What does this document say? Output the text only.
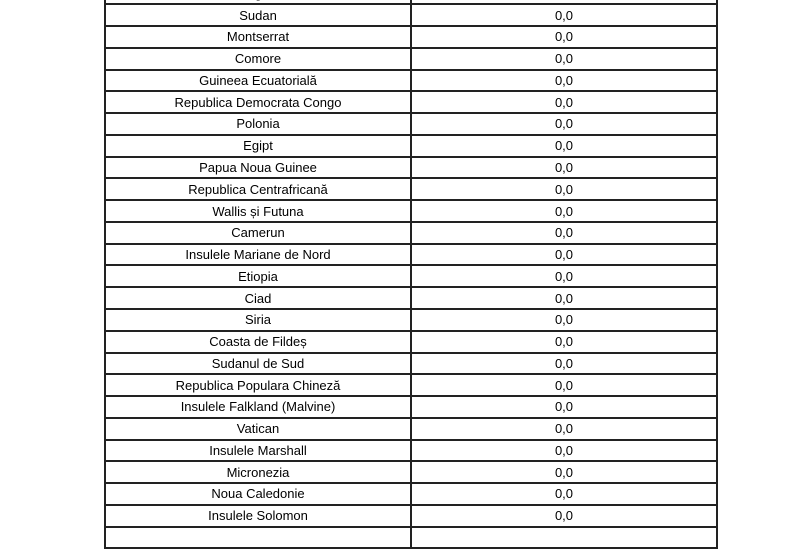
Sudan	0,0
Montserrat	0,0
Comore	0,0
Guineea Ecuatorială	0,0
Republica Democrata Congo	0,0
Polonia	0,0
Egipt	0,0
Papua Noua Guinee	0,0
Republica Centrafricană	0,0
Wallis și Futuna	0,0
Camerun	0,0
Insulele Mariane de Nord	0,0
Etiopia	0,0
Ciad	0,0
Siria	0,0
Coasta de Fildeș	0,0
Sudanul de Sud	0,0
Republica Populara Chineză	0,0
Insulele Falkland (Malvine)	0,0
Vatican	0,0
Insulele Marshall	0,0
Micronezia	0,0
Noua Caledonie	0,0
Insulele Solomon	0,0
